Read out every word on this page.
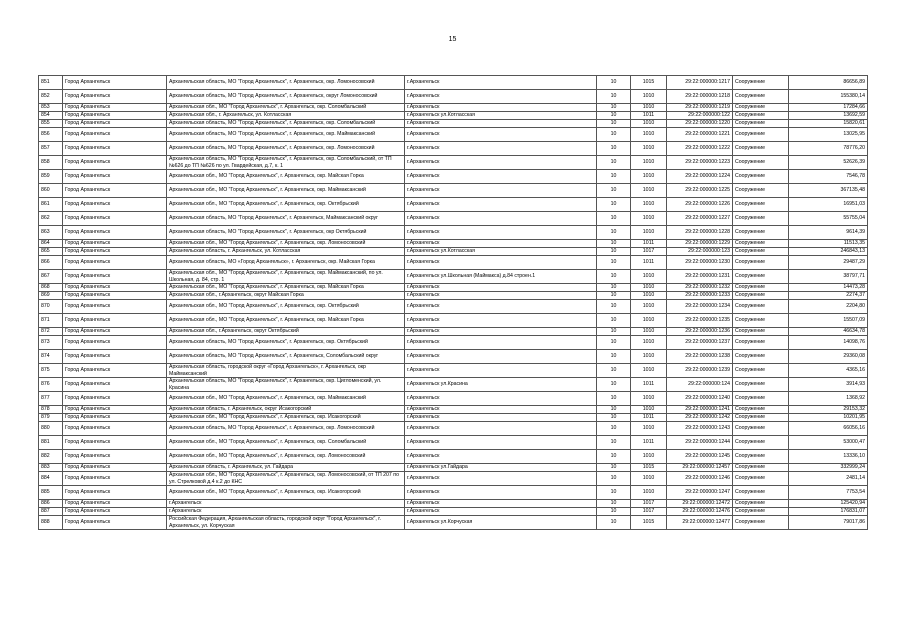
15
851	Город Архангельск	Архангельская область, МО "Город Архангельск", г. Архангельск, окр. Ломоносовский	г.Архангельск	10	1015	29:22:000000:1217	Сооружение	86656,89
852	Город Архангельск	Архангельская область, МО "Город Архангельск", г. Архангельск, округ Ломоносовский	г.Архангельск	10	1010	29:22:000000:1218	Сооружение	155380,14
853	Город Архангельск	Архангельская обл., МО "Город Архангельск", г. Архангельск, окр. Соломбальский	г.Архангельск	10	1010	29:22:000000:1219	Сооружение	17284,66
854	Город Архангельск	Архангельская обл., г. Архангельск, ул. Котласская	г.Архангельск ул.Котласская	10	1011	29:22:000000:122	Сооружение	13692,59
855	Город Архангельск	Архангельская область, МО "Город Архангельск", г. Архангельск, окр. Соломбальский	г.Архангельск	10	1010	29:22:000000:1220	Сооружение	15820,61
856	Город Архангельск	Архангельская область, МО "Город Архангельск", г. Архангельск, окр. Маймаксанский	г.Архангельск	10	1010	29:22:000000:1221	Сооружение	13025,95
857	Город Архангельск	Архангельская область, МО "Город Архангельск", г. Архангельск, окр. Ломоносовский	г.Архангельск	10	1010	29:22:000000:1222	Сооружение	78776,20
858	Город Архангельск	Архангельская область, МО "Город Архангельск", г. Архангельск, окр. Соломбальский, от ТП №626 до ТП №626 по ул. Гвардейская, д.7, к. 1	г.Архангельск	10	1010	29:22:000000:1223	Сооружение	52626,39
859	Город Архангельск	Архангельская обл., МО "Город Архангельск", г. Архангельск, окр. Майская Горка	г.Архангельск	10	1010	29:22:000000:1224	Сооружение	7546,78
860	Город Архангельск	Архангельская обл., МО "Город Архангельск", г. Архангельск, окр. Маймаксанский	г.Архангельск	10	1010	29:22:000000:1225	Сооружение	367135,48
861	Город Архангельск	Архангельская обл., МО "Город Архангельск", г. Архангельск, окр. Октябрьский	г.Архангельск	10	1010	29:22:000000:1226	Сооружение	16951,03
862	Город Архангельск	Архангельская область, МО "Город Архангельск", г. Архангельск, Маймаксанский округ	г.Архангельск	10	1010	29:22:000000:1227	Сооружение	55755,04
863	Город Архангельск	Архангельская область, МО "Город Архангельск", г. Архангельск, окр Октябрьский	г.Архангельск	10	1010	29:22:000000:1228	Сооружение	9614,39
864	Город Архангельск	Архангельская обл., МО "Город Архангельск", г. Архангельск, окр. Ломоносовский	г.Архангельск	10	1011	29:22:000000:1229	Сооружение	11513,35
865	Город Архангельск	Архангельская область, г. Архангельск, ул. Котласская	г.Архангельск ул.Котласская	10	1017	29:22:000000:123	Сооружение	246843,13
866	Город Архангельск	Архангельская область, МО «Город Архангельск», г. Архангельск, окр. Майская Горка	г.Архангельск	10	1011	29:22:000000:1230	Сооружение	29487,29
867	Город Архангельск	Архангельская обл., МО "Город Архангельск", г. Архангельск, окр. Маймаксанский, по ул. Школьная, д. 84, стр. 1	г.Архангельск ул.Школьная (Маймакса) д.84 строен.1	10	1010	29:22:000000:1231	Сооружение	38797,71
868	Город Архангельск	Архангельская обл., МО "Город Архангельск", г. Архангельск, окр. Майская Горка	г.Архангельск	10	1010	29:22:000000:1232	Сооружение	14473,28
869	Город Архангельск	Архангельская обл., г.Архангельск, округ Майская Горка	г.Архангельск	10	1010	29:22:000000:1233	Сооружение	2274,37
870	Город Архангельск	Архангельская обл., МО "Город Архангельск", г. Архангельск, окр. Октябрьский	г.Архангельск	10	1010	29:22:000000:1234	Сооружение	2204,80
871	Город Архангельск	Архангельская обл., МО "Город Архангельск", г. Архангельск, окр. Майская Горка	г.Архангельск	10	1010	29:22:000000:1235	Сооружение	15507,09
872	Город Архангельск	Архангельская обл., г.Архангельск, округ Октябрьский	г.Архангельск	10	1010	29:22:000000:1236	Сооружение	46634,78
873	Город Архангельск	Архангельская область, МО "Город Архангельск", г. Архангельск, окр. Октябрьский	г.Архангельск	10	1010	29:22:000000:1237	Сооружение	14098,76
874	Город Архангельск	Архангельская область, МО "Город Архангельск", г. Архангельск, Соломбальский округ	г.Архангельск	10	1010	29:22:000000:1238	Сооружение	29360,08
875	Город Архангельск	Архангельская область, городской округ «Город Архангельск», г. Архангельск, окр Маймаксанский	г.Архангельск	10	1010	29:22:000000:1239	Сооружение	4365,16
876	Город Архангельск	Архангельская область, МО "Город Архангельск", г. Архангельск, окр. Цигломенский, ул. Красина	г.Архангельск ул.Красина	10	1011	29:22:000000:124	Сооружение	3914,93
877	Город Архангельск	Архангельская обл., МО "Город Архангельск", г. Архангельск, окр. Маймаксанский	г.Архангельск	10	1010	29:22:000000:1240	Сооружение	1368,92
878	Город Архангельск	Архангельская область, г. Архангельск, округ Исакогорский	г.Архангельск	10	1010	29:22:000000:1241	Сооружение	29153,32
879	Город Архангельск	Архангельская обл., МО "Город Архангельск", г. Архангельск, окр. Исакогорский	г.Архангельск	10	1011	29:22:000000:1242	Сооружение	10201,95
880	Город Архангельск	Архангельская область, МО "Город Архангельск", г. Архангельск, окр. Ломоносовский	г.Архангельск	10	1010	29:22:000000:1243	Сооружение	66056,16
881	Город Архангельск	Архангельская обл., МО "Город Архангельск", г. Архангельск, окр. Соломбальский	г.Архангельск	10	1011	29:22:000000:1244	Сооружение	53000,47
882	Город Архангельск	Архангельская обл., МО "Город Архангельск", г. Архангельск, окр. Ломоносовский	г.Архангельск	10	1010	29:22:000000:1245	Сооружение	13336,10
883	Город Архангельск	Архангельская область, г. Архангельск, ул. Гайдара	г.Архангельск ул.Гайдара	10	1015	29:22:000000:12457	Сооружение	332999,24
884	Город Архангельск	Архангельская обл., МО "Город Архангельск", г. Архангельск, окр. Ломоносовский, от ТП 207 по ул. Стрелковой д.4 к.2 до КНС	г.Архангельск	10	1010	29:22:000000:1246	Сооружение	2481,14
885	Город Архангельск	Архангельская обл., МО "Город Архангельск", г. Архангельск, окр. Исакогорский	г.Архангельск	10	1010	29:22:000000:1247	Сооружение	7753,54
886	Город Архангельск	г.Архангельск	г.Архангельск	10	1017	29:22:000000:12472	Сооружение	125420,94
887	Город Архангельск	г.Архангельск	г.Архангельск	10	1017	29:22:000000:12476	Сооружение	176831,07
888	Город Архангельск	Российская Федерация, Архангельская область, городской округ "Город Архангельск", г. Архангельск, ул. Корчуская	г.Архангельск ул.Корчуская	10	1015	29:22:000000:12477	Сооружение	79017,86
